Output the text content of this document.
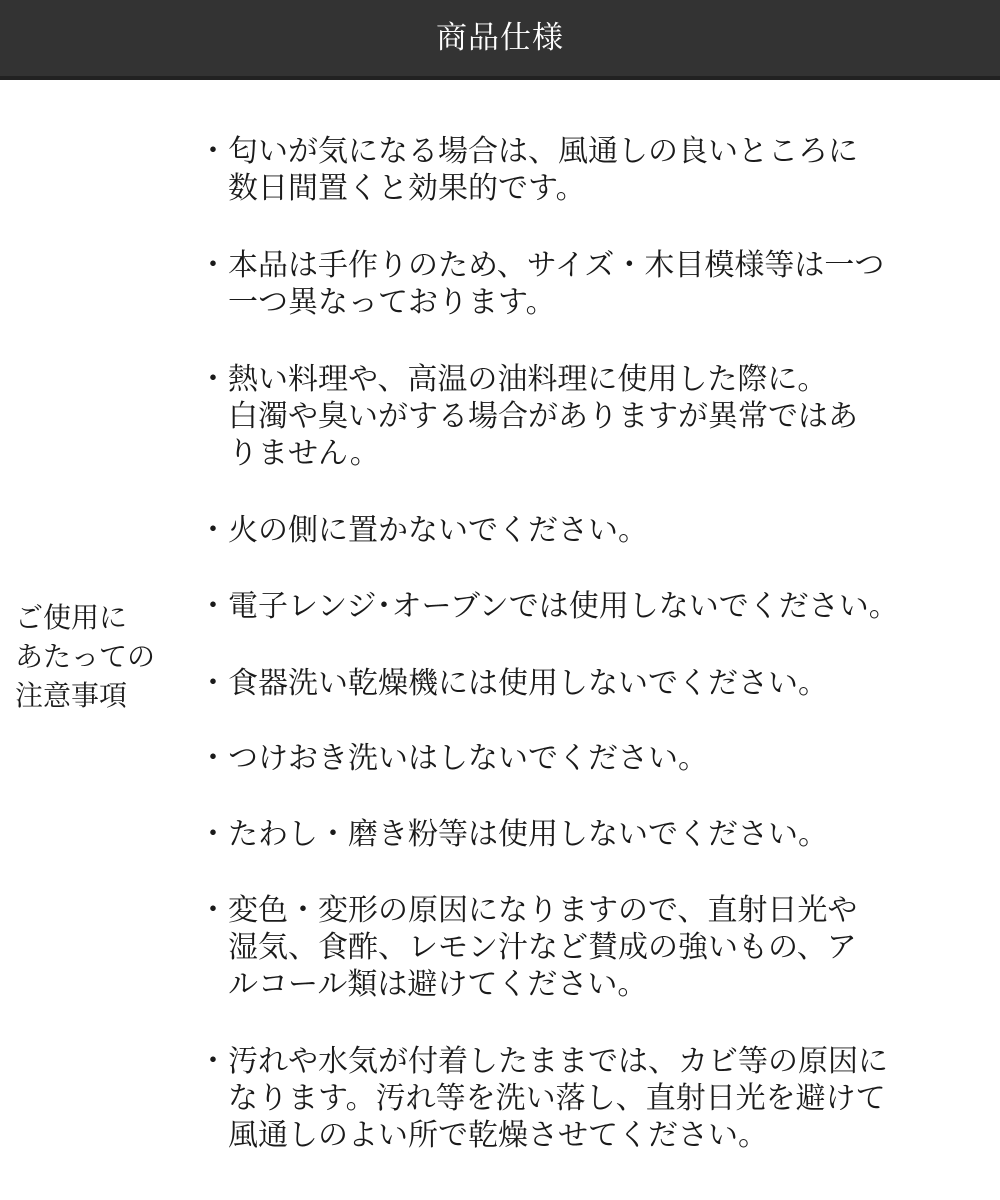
商品仕様
ご使用に
あたっての
注意事項
・ 匂いが気になる場合は、風通しの良いところに
数日間置くと効果的です。
・ 本品は手作りのため、サイズ・木目模様等は一つ
一つ異なっております。
・ 熱い料理や、高温の油料理に使用した際に。
白濁や臭いがする場合がありますが異常ではあ
りません。
・ 火の側に置かないでください。
・ 電子レンジ･オーブンでは使用しないでください。
・ 食器洗い乾燥機には使用しないでください。
・ つけおき洗いはしないでください。
・ たわし・磨き粉等は使用しないでください。
・ 変色・変形の原因になりますので、直射日光や
湿気、食酢、レモン汁など賛成の強いもの、ア
ルコール類は避けてください。
・ 汚れや水気が付着したままでは、カビ等の原因に
なります。汚れ等を洗い落し、直射日光を避けて
風通しのよい所で乾燥させてください。
